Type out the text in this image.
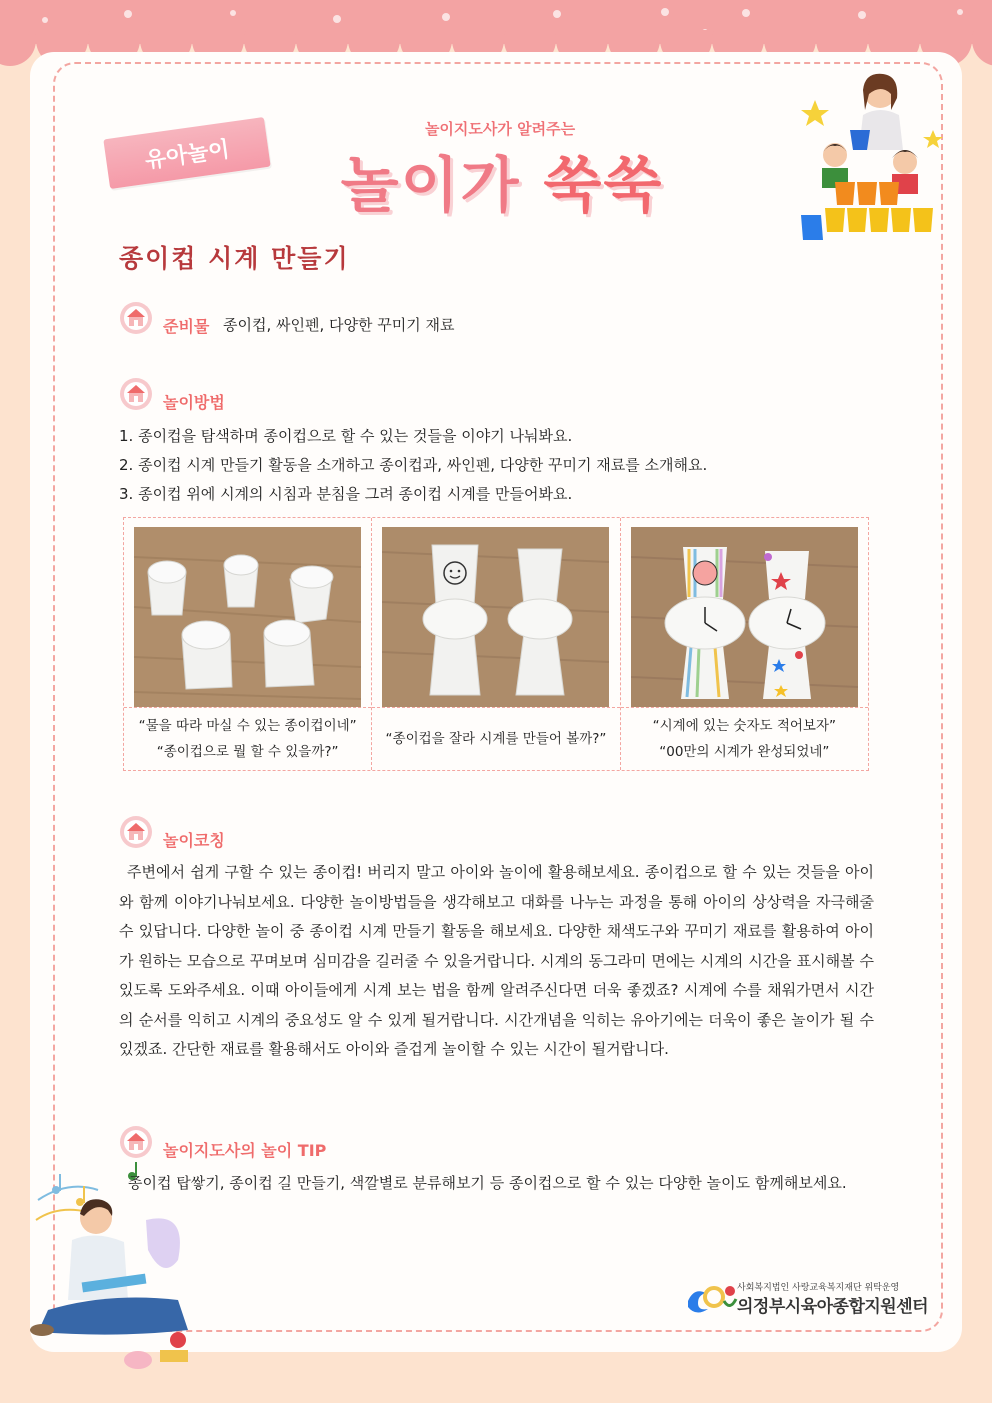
유아놀이
놀이지도사가 알려주는
놀이가 쑥쑥
종이컵 시계 만들기
준비물 종이컵, 싸인펜, 다양한 꾸미기 재료
놀이방법
1. 종이컵을 탐색하며 종이컵으로 할 수 있는 것들을 이야기 나눠봐요.
2. 종이컵 시계 만들기 활동을 소개하고 종이컵과, 싸인펜, 다양한 꾸미기 재료를 소개해요.
3. 종이컵 위에 시계의 시침과 분침을 그려 종이컵 시계를 만들어봐요.
“물을 따라 마실 수 있는 종이컵이네”
“종이컵으로 뭘 할 수 있을까?”
“종이컵을 잘라 시계를 만들어 볼까?”
“시계에 있는 숫자도 적어보자”
“00만의 시계가 완성되었네”
놀이코칭

주변에서 쉽게 구할 수 있는 종이컵! 버리지 말고 아이와 놀이에 활용해보세요. 종이컵으로 할 수 있는 것들을 아이와 함께 이야기나눠보세요. 다양한 놀이방법들을 생각해보고 대화를 나누는 과정을 통해 아이의 상상력을 자극해줄 수 있답니다. 다양한 놀이 중 종이컵 시계 만들기 활동을 해보세요. 다양한 채색도구와 꾸미기 재료를 활용하여 아이가 원하는 모습으로 꾸며보며 심미감을 길러줄 수 있을거랍니다. 시계의 동그라미 면에는 시계의 시간을 표시해볼 수 있도록 도와주세요. 이때 아이들에게 시계 보는 법을 함께 알려주신다면 더욱 좋겠죠? 시계에 수를 채워가면서 시간의 순서를 익히고 시계의 중요성도 알 수 있게 될거랍니다. 시간개념을 익히는 유아기에는 더욱이 좋은 놀이가 될 수 있겠죠. 간단한 재료를 활용해서도 아이와 즐겁게 놀이할 수 있는 시간이 될거랍니다.

놀이지도사의 놀이 TIP
종이컵 탑쌓기, 종이컵 길 만들기, 색깔별로 분류해보기 등 종이컵으로 할 수 있는 다양한 놀이도 함께해보세요.
사회복지법인 사랑교육복지재단 위탁운영
의정부시육아종합지원센터
